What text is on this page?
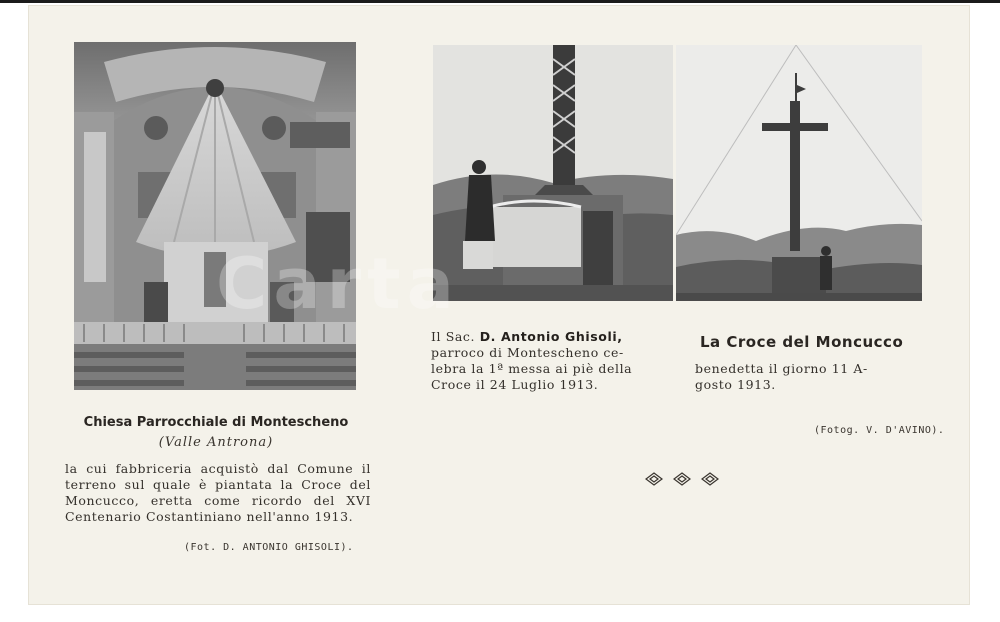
Carta
Chiesa Parrocchiale di Montescheno
(Valle Antrona)
la cui fabbriceria acquistò dal Comune il terreno sul quale è piantata la Croce del Moncucco, eretta come ricordo del XVI Centenario Costantiniano nell'anno 1913.
(Fot. D. ANTONIO GHISOLI).
Il Sac. D. Antonio Ghisoli,
parroco di Montescheno ce-
lebra la 1ª messa ai piè della
Croce il 24 Luglio 1913.
La Croce del Moncucco
benedetta il giorno 11 A-
gosto 1913.
(Fotog. V. D'AVINO).
